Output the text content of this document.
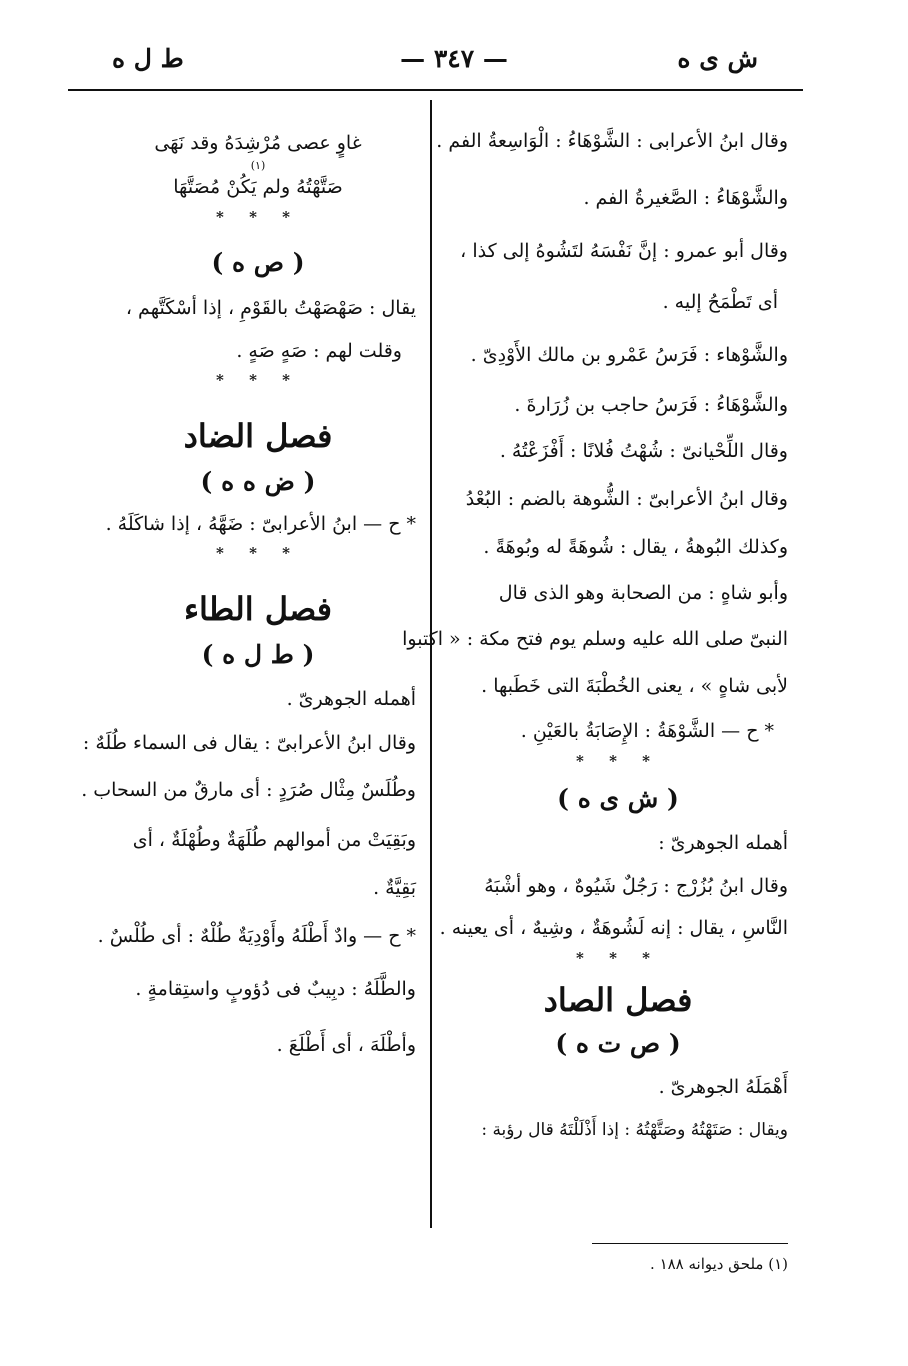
ش ى ه
— ٣٤٧ —
ط ل ه
وقال ابنُ الأعرابى : الشَّوْهَاءُ : الْوَاسِعةُ الفم .
والشَّوْهَاءُ : الصَّغيرةُ الفم .
وقال أبو عمرو : إنَّ نَفْسَهُ لتَشُوهُ إلى كذا ،
أى تَطْمَحُ إليه .
والشَّوْهاء : فَرَسُ عَمْرو بن مالك الأَوْدِىّ .
والشَّوْهَاءُ : فَرَسُ حاجب بن زُرَارةَ .
وقال اللِّحْيانىّ : شُهْتُ فُلانًا : أَفْزَعْتُهُ .
وقال ابنُ الأعرابىّ : الشُّوهة بالضم : البُعْدُ
وكذلك البُوهةُ ، يقال : شُوهَةً له وبُوهَةً .
وأبو شاهٍ : من الصحابة وهو الذى قال
النبىّ صلى الله عليه وسلم يوم فتح مكة : « اكتبوا
لأبى شاهٍ » ، يعنى الخُطْبَةَ التى خَطَبها .
* ح — الشَّوْهَةُ : الإِصَابَةُ بالعَيْنِ .
* * *
( ش ى ه )
أهمله الجوهرىّ :
وقال ابنُ بُزُرْج : رَجُلٌ شَيُوهٌ ، وهو أشْبَهُ
النَّاسِ ، يقال : إنه لَشُوهَةٌ ، وشِيهٌ ، أى يعينه .
* * *
فصل الصاد
( ص ت ه )
أَهْمَلَهُ الجوهرىّ .
ويقال : صَتَهْتُهُ وصَتَّهْتُهُ : إذا أَذْلَلْتَهُ قال رؤبة :
غاوٍ عصى مُرْشِدَهُ وقد نَهَى
(١)
صَتَّهْتُهُ ولم يَكُنْ مُصَتَّهَا
* * *
( ص ه )
يقال : صَهْصَهْتُ بالقَوْمِ ، إذا أسْكَتَّهم ،
وقلت لهم : صَهٍ صَهٍ .
* * *
فصل الضاد
( ض ه ه )
* ح — ابنُ الأعرابىّ : ضَهَّهُ ، إذا شاكَلَهُ .
* * *
فصل الطاء
( ط ل ه )
أهمله الجوهرىّ .
وقال ابنُ الأعرابىّ : يقال فى السماء طُلَهٌ :
وطُلَسٌ مِثْال صُرَدٍ : أى مارقٌ من السحاب .
وبَقِيَتْ من أموالهم طُلَهَةٌ وطُهْلَةٌ ، أى
بَقِيَّةٌ .
* ح — وادٌ أَطْلَهُ وأَوْدِيَةٌ طُلْهٌ : أى طُلْسٌ .
والطَّلَهُ : دبِيبٌ فى دُؤوبٍ واستِقامةٍ .
وأطْلَهَ ، أى أَطْلَعَ .
(١) ملحق ديوانه ١٨٨ .
